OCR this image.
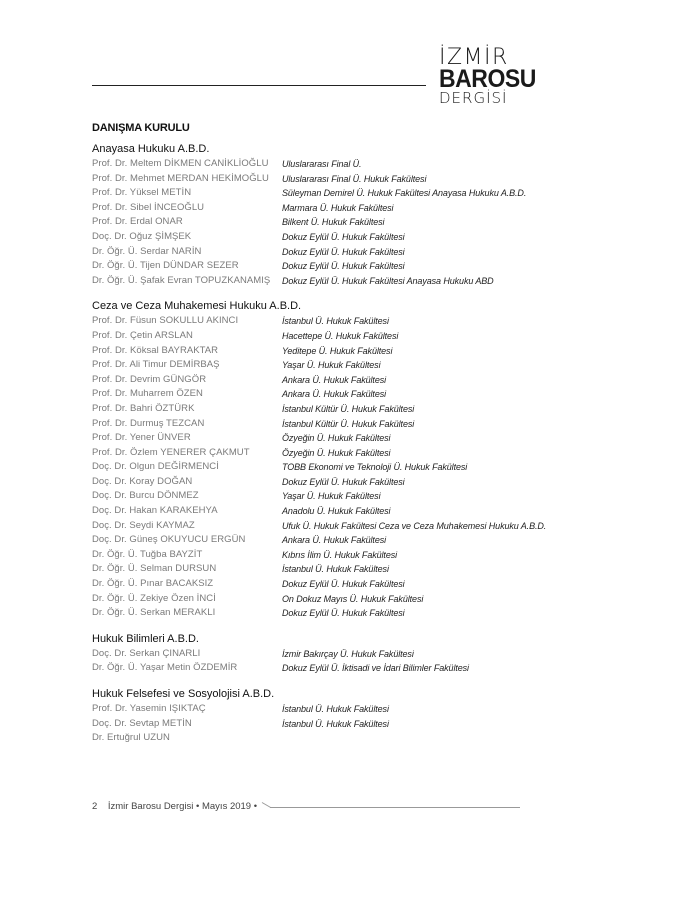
İZMİR
BAROSU
DERGİSİ
DANIŞMA KURULU
Anayasa Hukuku A.B.D.
Prof. Dr. Meltem DİKMEN CANİKLİOĞLU	Uluslararası Final Ü.
Prof. Dr. Mehmet MERDAN HEKİMOĞLU	Uluslararası Final Ü. Hukuk Fakültesi
Prof. Dr. Yüksel METİN	Süleyman Demirel Ü. Hukuk Fakültesi Anayasa Hukuku A.B.D.
Prof. Dr. Sibel İNCEOĞLU	Marmara Ü. Hukuk Fakültesi
Prof. Dr. Erdal ONAR	Bilkent Ü. Hukuk Fakültesi
Doç. Dr. Oğuz ŞİMŞEK	Dokuz Eylül Ü. Hukuk Fakültesi
Dr. Öğr. Ü. Serdar NARİN	Dokuz Eylül Ü. Hukuk Fakültesi
Dr. Öğr. Ü. Tijen DÜNDAR SEZER	Dokuz Eylül Ü. Hukuk Fakültesi
Dr. Öğr. Ü. Şafak Evran TOPUZKANAMIŞ	Dokuz Eylül Ü. Hukuk Fakültesi Anayasa Hukuku ABD
Ceza ve Ceza Muhakemesi Hukuku A.B.D.
Prof. Dr. Füsun SOKULLU AKINCI	İstanbul Ü. Hukuk Fakültesi
Prof. Dr. Çetin ARSLAN	Hacettepe Ü. Hukuk Fakültesi
Prof. Dr. Köksal BAYRAKTAR	Yeditepe Ü. Hukuk Fakültesi
Prof. Dr. Ali Timur DEMİRBAŞ	Yaşar Ü. Hukuk Fakültesi
Prof. Dr. Devrim GÜNGÖR	Ankara Ü. Hukuk Fakültesi
Prof. Dr. Muharrem ÖZEN	Ankara Ü. Hukuk Fakültesi
Prof. Dr. Bahri ÖZTÜRK	İstanbul Kültür Ü. Hukuk Fakültesi
Prof. Dr. Durmuş TEZCAN	İstanbul Kültür Ü. Hukuk Fakültesi
Prof. Dr. Yener ÜNVER	Özyeğin Ü. Hukuk Fakültesi
Prof. Dr. Özlem YENERER ÇAKMUT	Özyeğin Ü. Hukuk Fakültesi
Doç. Dr. Olgun DEĞİRMENCİ	TOBB Ekonomi ve Teknoloji Ü. Hukuk Fakültesi
Doç. Dr. Koray DOĞAN	Dokuz Eylül Ü. Hukuk Fakültesi
Doç. Dr. Burcu DÖNMEZ	Yaşar Ü. Hukuk Fakültesi
Doç. Dr. Hakan KARAKEHYA	Anadolu Ü. Hukuk Fakültesi
Doç. Dr. Seydi KAYMAZ	Ufuk Ü. Hukuk Fakültesi Ceza ve Ceza Muhakemesi Hukuku A.B.D.
Doç. Dr. Güneş OKUYUCU ERGÜN	Ankara Ü. Hukuk Fakültesi
Dr. Öğr. Ü. Tuğba BAYZİT	Kıbrıs İlim Ü. Hukuk Fakültesi
Dr. Öğr. Ü. Selman DURSUN	İstanbul Ü. Hukuk Fakültesi
Dr. Öğr. Ü. Pınar BACAKSIZ	Dokuz Eylül Ü. Hukuk Fakültesi
Dr. Öğr. Ü. Zekiye Özen İNCİ	On Dokuz Mayıs Ü. Hukuk Fakültesi
Dr. Öğr. Ü. Serkan MERAKLI	Dokuz Eylül Ü. Hukuk Fakültesi
Hukuk Bilimleri A.B.D.
Doç. Dr. Serkan ÇINARLI	İzmir Bakırçay Ü. Hukuk Fakültesi
Dr. Öğr. Ü. Yaşar Metin ÖZDEMİR	Dokuz Eylül Ü. İktisadi ve İdari Bilimler Fakültesi
Hukuk Felsefesi ve Sosyolojisi A.B.D.
Prof. Dr. Yasemin IŞIKTAÇ	İstanbul Ü. Hukuk Fakültesi
Doç. Dr. Sevtap METİN	İstanbul Ü. Hukuk Fakültesi
Dr. Ertuğrul UZUN
2 İzmir Barosu Dergisi • Mayıs 2019 •
